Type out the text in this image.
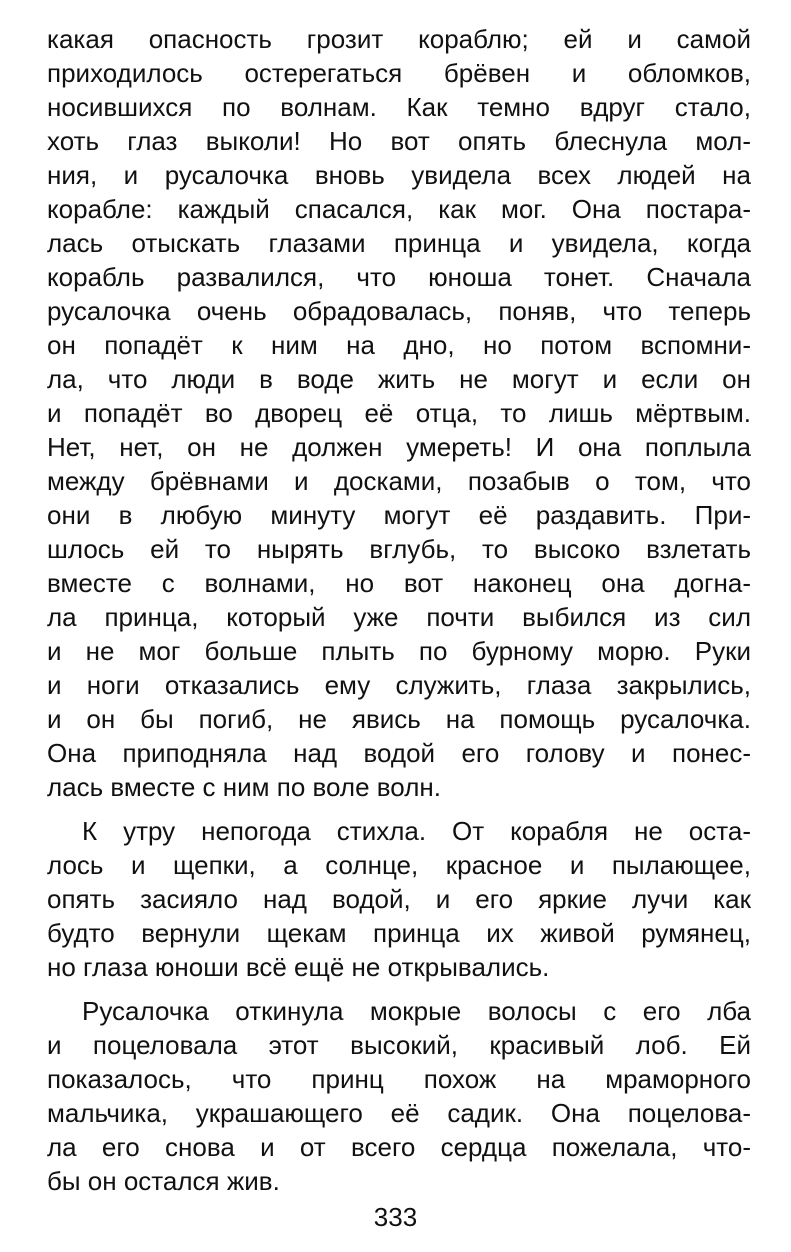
какая опасность грозит кораблю; ей и самой
приходилось остерегаться брёвен и обломков,
носившихся по волнам. Как темно вдруг стало,
хоть глаз выколи! Но вот опять блеснула мол-
ния, и русалочка вновь увидела всех людей на
корабле: каждый спасался, как мог. Она постара-
лась отыскать глазами принца и увидела, когда
корабль развалился, что юноша тонет. Сначала
русалочка очень обрадовалась, поняв, что теперь
он попадёт к ним на дно, но потом вспомни-
ла, что люди в воде жить не могут и если он
и попадёт во дворец её отца, то лишь мёртвым.
Нет, нет, он не должен умереть! И она поплыла
между брёвнами и досками, позабыв о том, что
они в любую минуту могут её раздавить. При-
шлось ей то нырять вглубь, то высоко взлетать
вместе с волнами, но вот наконец она догна-
ла принца, который уже почти выбился из сил
и не мог больше плыть по бурному морю. Руки
и ноги отказались ему служить, глаза закрылись,
и он бы погиб, не явись на помощь русалочка.
Она приподняла над водой его голову и понес-
лась вместе с ним по воле волн.
К утру непогода стихла. От корабля не оста-
лось и щепки, а солнце, красное и пылающее,
опять засияло над водой, и его яркие лучи как
будто вернули щекам принца их живой румянец,
но глаза юноши всё ещё не открывались.
Русалочка откинула мокрые волосы с его лба
и поцеловала этот высокий, красивый лоб. Ей
показалось, что принц похож на мраморного
мальчика, украшающего её садик. Она поцелова-
ла его снова и от всего сердца пожелала, что-
бы он остался жив.
333
